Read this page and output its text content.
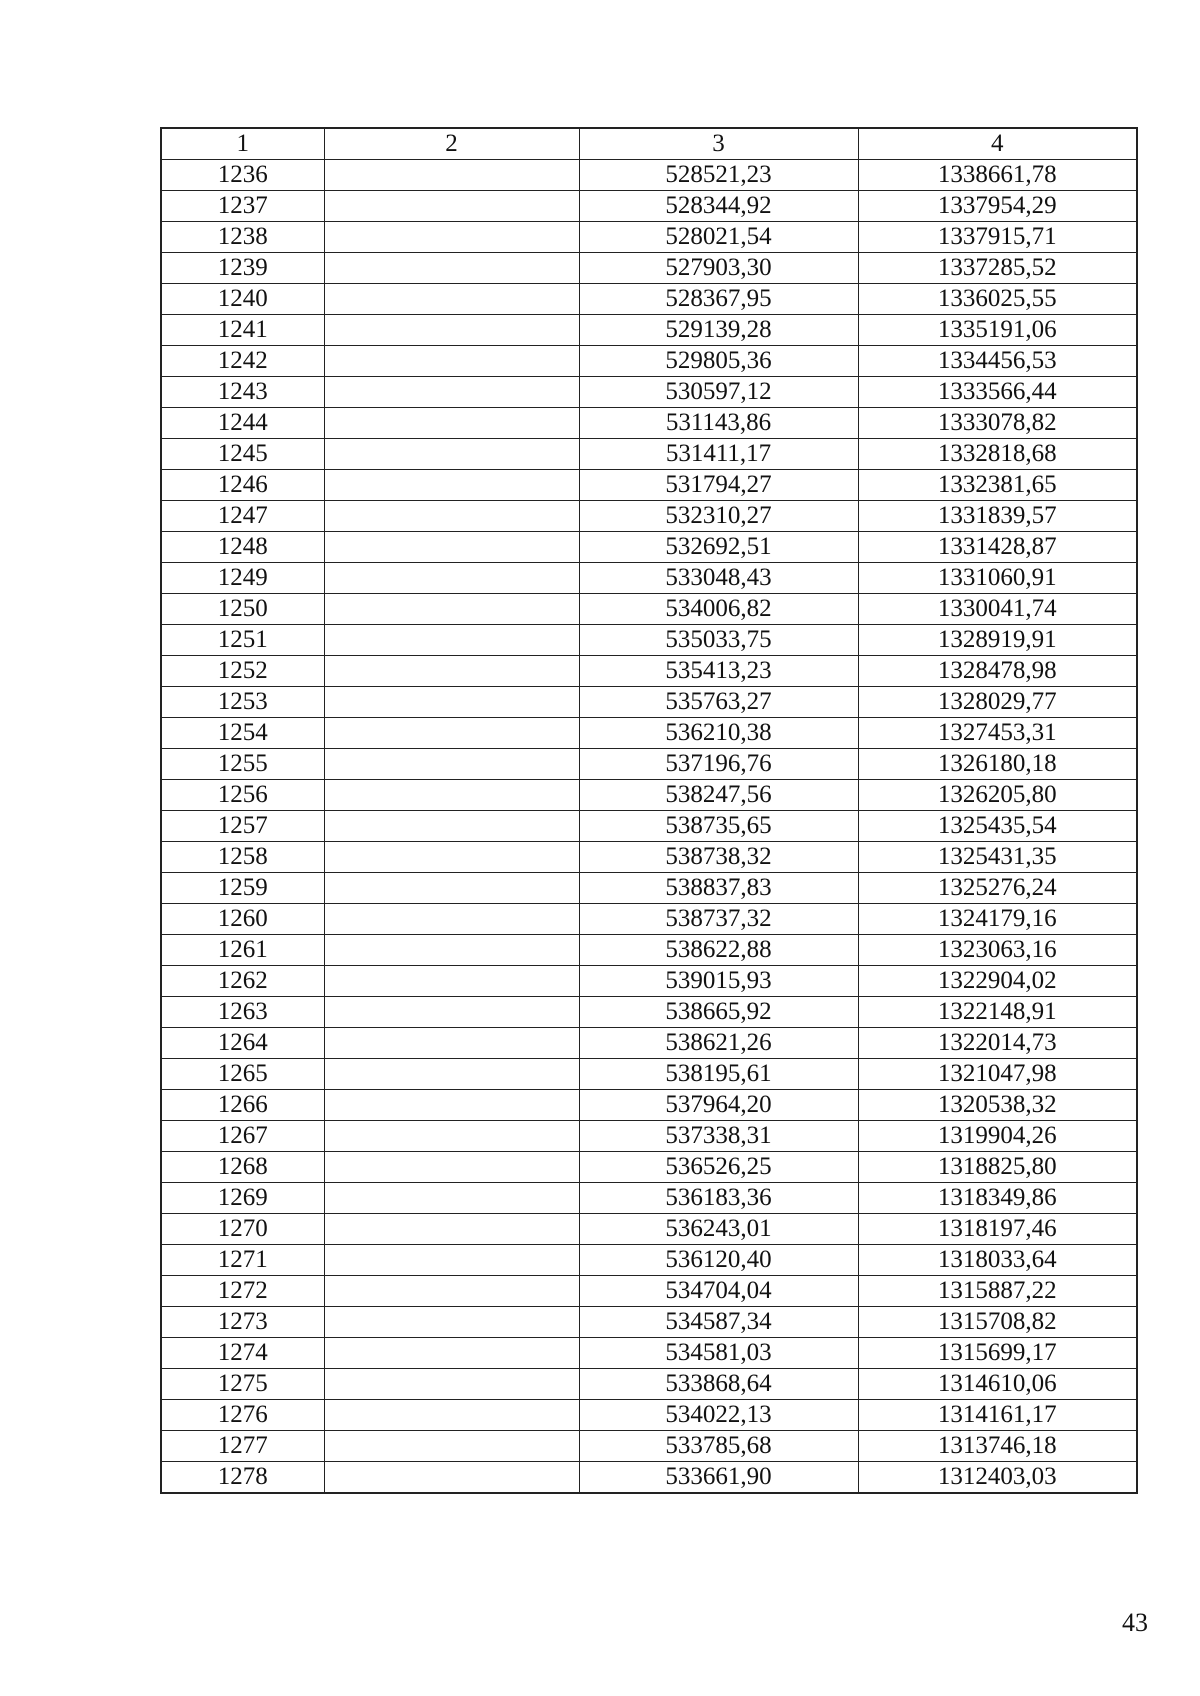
1	2	3	4
1236		528521,23	1338661,78
1237		528344,92	1337954,29
1238		528021,54	1337915,71
1239		527903,30	1337285,52
1240		528367,95	1336025,55
1241		529139,28	1335191,06
1242		529805,36	1334456,53
1243		530597,12	1333566,44
1244		531143,86	1333078,82
1245		531411,17	1332818,68
1246		531794,27	1332381,65
1247		532310,27	1331839,57
1248		532692,51	1331428,87
1249		533048,43	1331060,91
1250		534006,82	1330041,74
1251		535033,75	1328919,91
1252		535413,23	1328478,98
1253		535763,27	1328029,77
1254		536210,38	1327453,31
1255		537196,76	1326180,18
1256		538247,56	1326205,80
1257		538735,65	1325435,54
1258		538738,32	1325431,35
1259		538837,83	1325276,24
1260		538737,32	1324179,16
1261		538622,88	1323063,16
1262		539015,93	1322904,02
1263		538665,92	1322148,91
1264		538621,26	1322014,73
1265		538195,61	1321047,98
1266		537964,20	1320538,32
1267		537338,31	1319904,26
1268		536526,25	1318825,80
1269		536183,36	1318349,86
1270		536243,01	1318197,46
1271		536120,40	1318033,64
1272		534704,04	1315887,22
1273		534587,34	1315708,82
1274		534581,03	1315699,17
1275		533868,64	1314610,06
1276		534022,13	1314161,17
1277		533785,68	1313746,18
1278		533661,90	1312403,03
43
